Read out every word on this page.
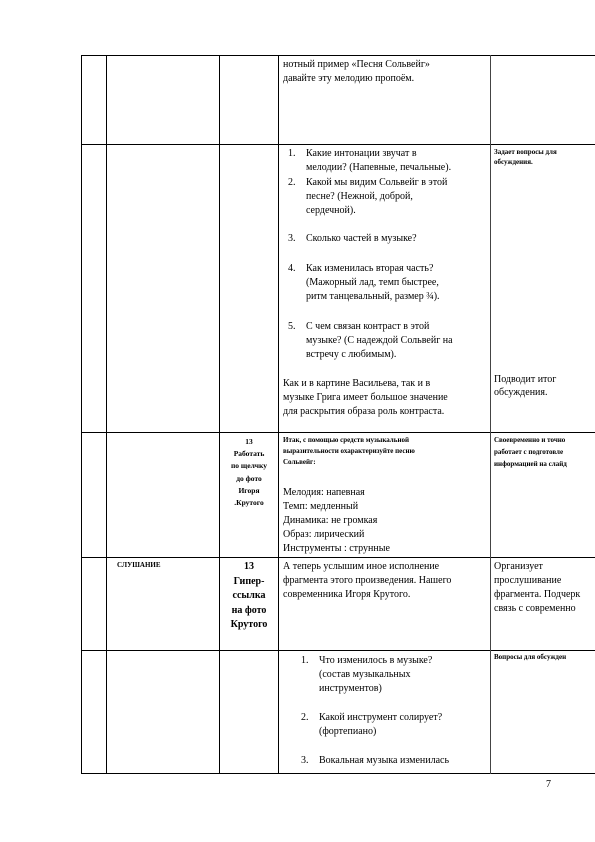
нотный пример «Песня Сольвейг»
давайте эту мелодию пропоём.
1. Какие интонации звучат в
мелодии? (Напевные, печальные).
2. Какой мы видим Сольвейг в этой
песне? (Нежной, доброй,
сердечной).
3. Сколько частей в музыке?
4. Как изменилась вторая часть?
(Мажорный лад, темп быстрее,
ритм танцевальный, размер ¾).
5. С чем связан контраст в этой
музыке? (С надеждой Сольвейг на
встречу с любимым).
Как и в картине Васильева, так и в
музыке Грига имеет большое значение
для раскрытия образа роль контраста.
Задает вопросы для
обсуждения.
Подводит итог
обсуждения.
13
Работать
по щелчку
до фото
Игоря
.Крутого
Итак, с помощью средств музыкальной
выразительности охарактеризуйте песню
Сольвейг:
Мелодия: напевная
Темп: медленный
Динамика: не громкая
Образ: лирический
Инструменты : струнные
Своевременно и точно
работает с подготовле
информацией на слайд
СЛУШАНИЕ	13
Гипер-
ссылка
на фото
Крутого
А теперь услышим иное исполнение
фрагмента этого произведения. Нашего
современника Игоря Крутого.
Организует
прослушивание
фрагмента. Подчерк
связь с современно
1. Что изменилось в музыке?
(состав музыкальных
инструментов)
2. Какой инструмент солирует?
(фортепиано)
3. Вокальная музыка изменилась
Вопросы для обсужден
7
